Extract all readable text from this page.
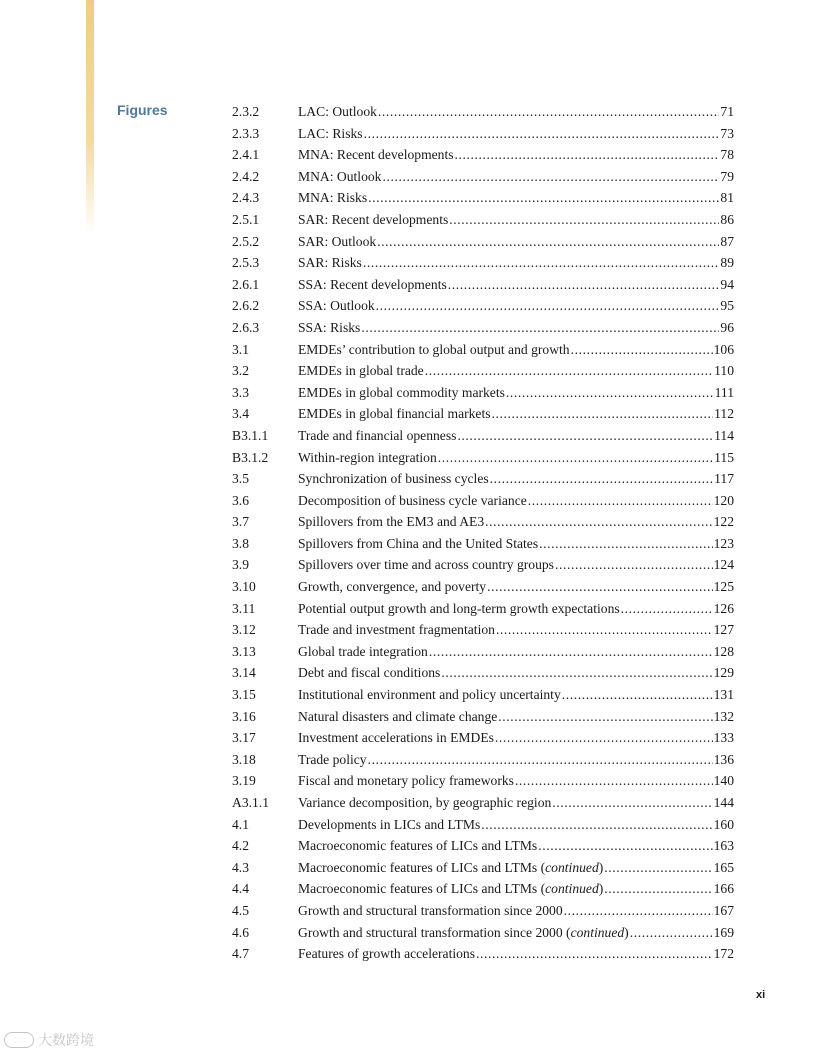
Figures	2.3.2	LAC: Outlook .....	71
2.3.3	LAC: Risks .....	73
2.4.1	MNA: Recent developments .....	78
2.4.2	MNA: Outlook .....	79
2.4.3	MNA: Risks .....	81
2.5.1	SAR: Recent developments .....	86
2.5.2	SAR: Outlook .....	87
2.5.3	SAR: Risks .....	89
2.6.1	SSA: Recent developments .....	94
2.6.2	SSA: Outlook .....	95
2.6.3	SSA: Risks .....	96
3.1	EMDEs’ contribution to global output and growth .....	106
3.2	EMDEs in global trade .....	110
3.3	EMDEs in global commodity markets .....	111
3.4	EMDEs in global financial markets .....	112
B3.1.1	Trade and financial openness .....	114
B3.1.2	Within-region integration .....	115
3.5	Synchronization of business cycles .....	117
3.6	Decomposition of business cycle variance .....	120
3.7	Spillovers from the EM3 and AE3 .....	122
3.8	Spillovers from China and the United States .....	123
3.9	Spillovers over time and across country groups .....	124
3.10	Growth, convergence, and poverty .....	125
3.11	Potential output growth and long-term growth expectations .....	126
3.12	Trade and investment fragmentation .....	127
3.13	Global trade integration .....	128
3.14	Debt and fiscal conditions .....	129
3.15	Institutional environment and policy uncertainty .....	131
3.16	Natural disasters and climate change .....	132
3.17	Investment accelerations in EMDEs .....	133
3.18	Trade policy .....	136
3.19	Fiscal and monetary policy frameworks .....	140
A3.1.1	Variance decomposition, by geographic region .....	144
4.1	Developments in LICs and LTMs .....	160
4.2	Macroeconomic features of LICs and LTMs .....	163
4.3	Macroeconomic features of LICs and LTMs (continued) .....	165
4.4	Macroeconomic features of LICs and LTMs (continued) .....	166
4.5	Growth and structural transformation since 2000 .....	167
4.6	Growth and structural transformation since 2000 (continued) .....	169
4.7	Features of growth accelerations .....	172
xi
大数跨境
